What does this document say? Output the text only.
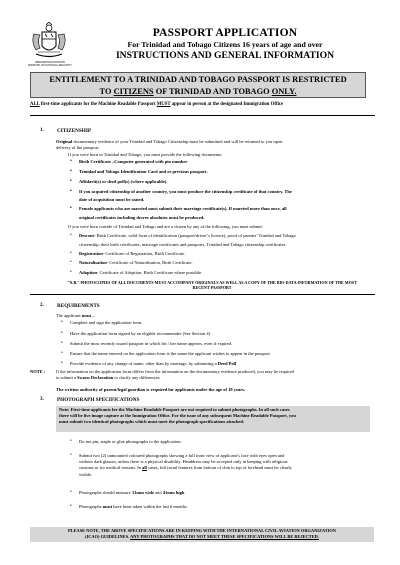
IMMIGRATION DIVISION
MINISTRY OF NATIONAL SECURITY
PASSPORT APPLICATION
For Trinidad and Tobago Citizens 16 years of age and over
INSTRUCTIONS AND GENERAL INFORMATION
ENTITLEMENT TO A TRINIDAD AND TOBAGO PASSPORT IS RESTRICTED
TO CITIZENS OF TRINIDAD AND TOBAGO ONLY.
ALL first-time applicants for the Machine Readable Passport MUST appear in person at the designated Immigration Office
1.	CITIZENSHIP
Original documentary evidence of your Trinidad and Tobago Citizenship must be submitted and will be returned to you upon
delivery of the passport.
If you were born in Trinidad and Tobago, you must provide the following documents:
• Birth Certificate –Computer generated with pin number
• Trinidad and Tobago Identification Card and or previous passport.
• Affidavit(s) or deed poll(s) (where applicable).
• If you acquired citizenship of another country, you must produce the citizenship certificate of that country. The
date of acquisition must be stated.
• Female applicants who are married must submit their marriage certificate(s). If married more than once, all
original certificates including decree absolutes must be produced.
If you were born outside of Trinidad and Tobago and are a citizen by any of the following, you must submit:
• Descent- Birth Certificate, valid form of identification (passport/driver’s licence), proof of parents’ Trinidad and Tobago
citizenship; their birth certificates, marriage certificates and passports, Trinidad and Tobago citizenship certificates.
• Registration- Certificate of Registration, Birth Certificate.
• Naturalisation- Certificate of Naturalisation, Birth Certificate.
• Adoption- Certificate of Adoption, Birth Certificate where possible.
"N.B." PHOTOCOPIES OF ALL DOCUMENTS MUST ACCOMPANY ORIGINALS AS WELL AS A COPY OF THE BIO-DATA INFORMATION OF THE MOST
RECENT PASSPORT
2.	REQUIREMENTS
The applicant must –
• Complete and sign the application form.
• Have the application form signed by an eligible recommender (See Section 4).
• Submit the most recently issued passport in which his / her name appears, even if expired.
• Ensure that the name entered on the application form is the name the applicant wishes to appear in the passport.
• Provide evidence of any change of name, other than by marriage, by submitting a Deed Poll
NOTE : If the information on the application form differs from the information on the documentary evidence produced, you may be required
to submit a Sworn Declaration to clarify any differences.
The written authority of parent/legal guardian is required for applicants under the age of 18 years.
3.	PHOTOGRAPH SPECIFICATIONS
Note: First-time applicants for the Machine Readable Passport are not required to submit photographs. In all such cases
there will be live image capture at the Immigration Office. For the issue of any subsequent Machine Readable Passport, you
must submit two identical photographs which must meet the photograph specifications attached.
• Do not pin, staple or glue photographs to the application.
• Submit two (2) unmounted coloured photographs showing a full front view of applicant’s face with eyes open and
without dark glasses, unless there is a physical disability. Headdress may be accepted only in keeping with religious
customs or for medical reasons. In all cases, full facial features from bottom of chin to top of forehead must be clearly
visible.
• Photographs should measure 31mm wide and 41mm high
• Photographs must have been taken within the last 6 months.
PLEASE NOTE, THE ABOVE SPECIFICATIONS ARE IN KEEPING WITH THE INTERNATIONAL CIVIL AVIATION ORGANIZATION
(ICAO) GUIDELINES. ANY PHOTOGRAPHS THAT DO NOT MEET THESE SPECIFICATIONS WILL BE REJECTED.
